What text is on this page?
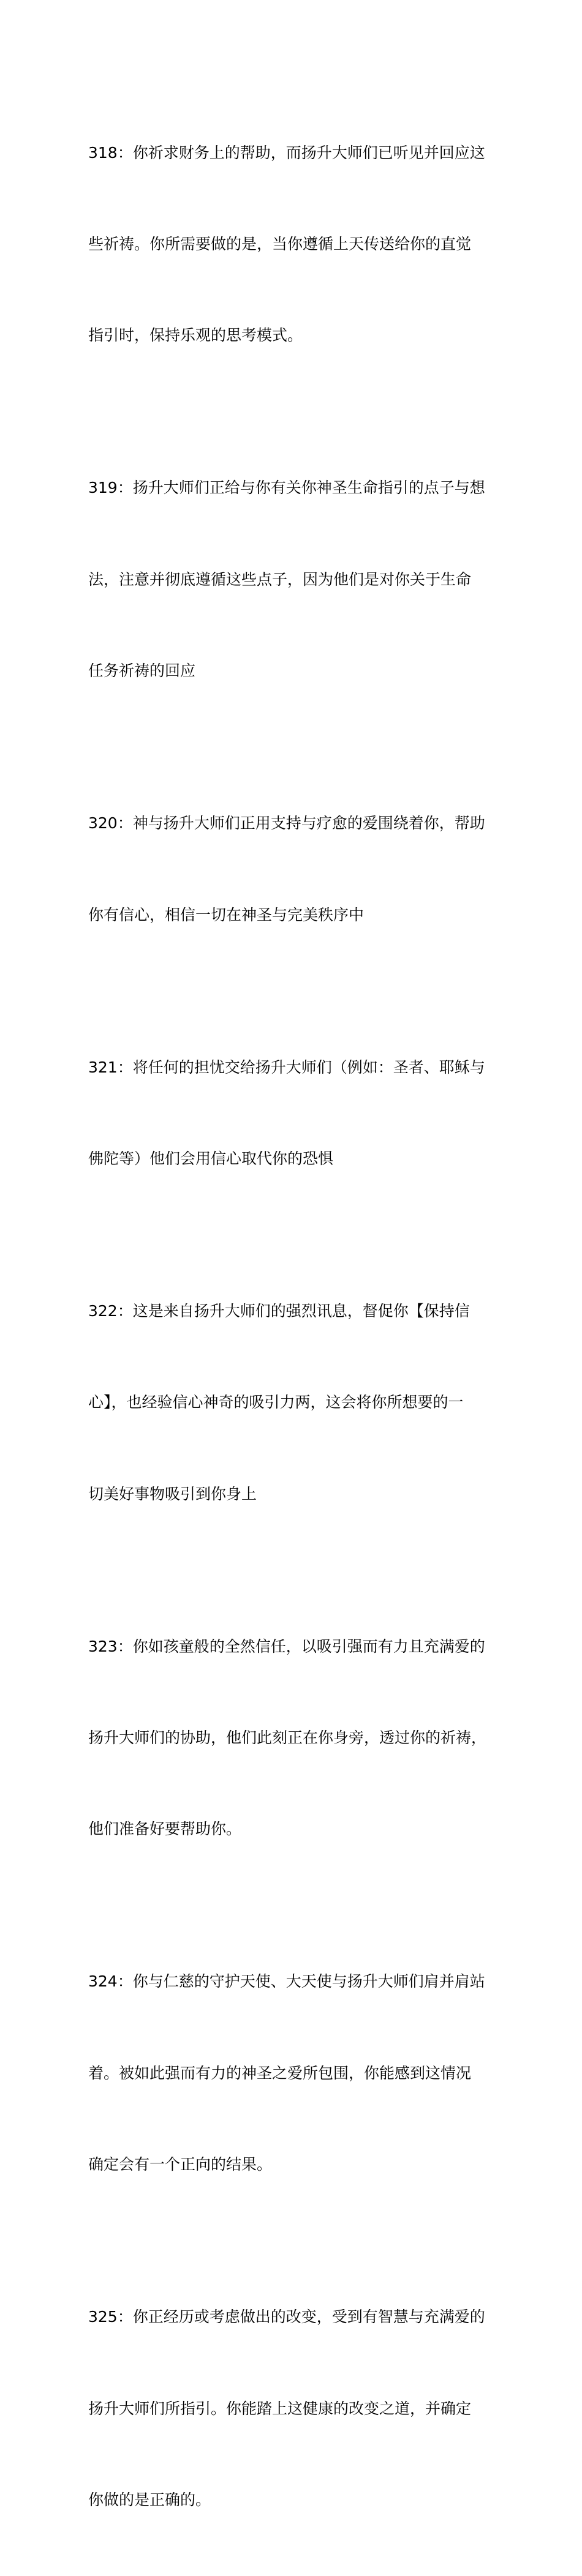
318：你祈求财务上的帮助，而扬升大师们已听见并回应这

些祈祷。你所需要做的是，当你遵循上天传送给你的直觉

指引时，保持乐观的思考模式。

319：扬升大师们正给与你有关你神圣生命指引的点子与想

法，注意并彻底遵循这些点子，因为他们是对你关于生命

任务祈祷的回应

320：神与扬升大师们正用支持与疗愈的爱围绕着你，帮助

你有信心，相信一切在神圣与完美秩序中

321：将任何的担忧交给扬升大师们（例如：圣者、耶稣与

佛陀等）他们会用信心取代你的恐惧

322：这是来自扬升大师们的强烈讯息，督促你【保持信

心】，也经验信心神奇的吸引力两，这会将你所想要的一

切美好事物吸引到你身上

323：你如孩童般的全然信任，以吸引强而有力且充满爱的

扬升大师们的协助，他们此刻正在你身旁，透过你的祈祷，

他们准备好要帮助你。

324：你与仁慈的守护天使、大天使与扬升大师们肩并肩站

着。被如此强而有力的神圣之爱所包围，你能感到这情况

确定会有一个正向的结果。

325：你正经历或考虑做出的改变，受到有智慧与充满爱的

扬升大师们所指引。你能踏上这健康的改变之道，并确定

你做的是正确的。
